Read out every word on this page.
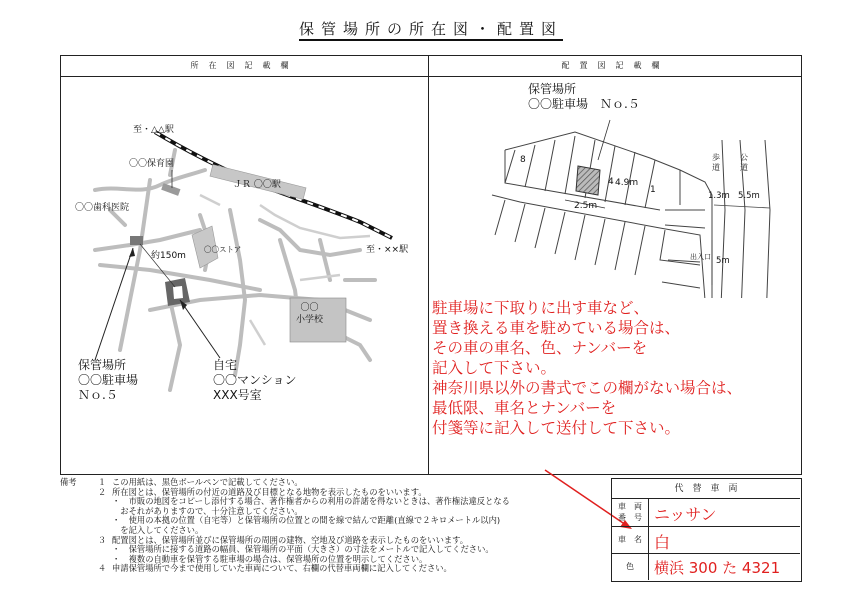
保管場所の所在図・配置図
所在図記載欄	配置図記載欄
至・△△駅
〇〇保育園
〇〇歯科医院
ＪＲ 〇〇駅
至・××駅
約150m
〇〇ストア
〇〇
小学校
保管場所
〇〇駐車場
Ｎｏ.５
自宅
〇〇マンション
XXX号室
保管場所
〇〇駐車場　Ｎｏ.５
8
4
1
4.9m
2.5m
歩
道
公
道
1.3m 5.5m
出入口 5m
駐車場に下取りに出す車など、
置き換える車を駐めている場合は、
その車の車名、色、ナンバーを
記入して下さい。
神奈川県以外の書式でこの欄がない場合は、
最低限、車名とナンバーを
付箋等に記入して送付して下さい。
備考	１ この用紙は、黒色ボールペンで記載してください。
２ 所在図とは、保管場所の付近の道路及び目標となる地物を表示したものをいいます。
・　市販の地図をコピーし添付する場合、著作権者からの利用の許諾を得ないときは、著作権法違反となる
　おそれがありますので、十分注意してください。
・　使用の本拠の位置（自宅等）と保管場所の位置との間を線で結んで距離(直線で２キロメートル以内)
　を記入してください。
３ 配置図とは、保管場所並びに保管場所の周囲の建物、空地及び道路を表示したものをいいます。
・　保管場所に接する道路の幅員、保管場所の平面（大きさ）の寸法をメートルで記入してください。
・　複数の自動車を保管する駐車場の場合は、保管場所の位置を明示してください。
４ 申請保管場所で今まで使用していた車両について、右欄の代替車両欄に記入してください。
代　替　車　両
車　両
番　号 ニッサン
車　名 白
色	横浜 300 た 4321
